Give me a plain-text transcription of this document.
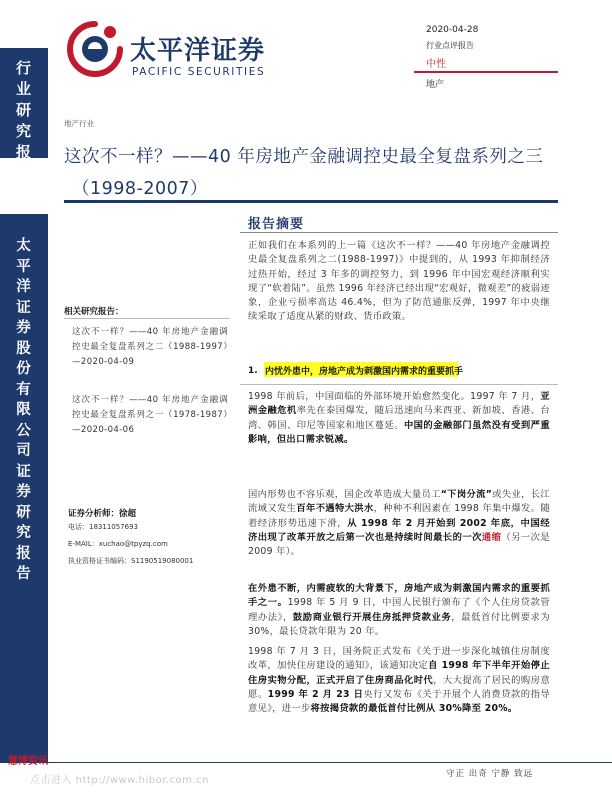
行业研究报告
太平洋证券股份有限公司证券研究报告
太平洋证券
PACIFIC SECURITIES
2020-04-28
行业点评报告
中性
地产
地产行业
这次不一样？——40 年房地产金融调控史最全复盘系列之三
（1998-2007）
报告摘要
正如我们在本系列的上一篇《这次不一样？——40 年房地产金融调控史最全复盘系列之二(1988-1997)》中提到的，从 1993 年抑制经济过热开始，经过 3 年多的调控努力，到 1996 年中国宏观经济顺利实现了“软着陆”。虽然 1996 年经济已经出现“宏观好，微观差”的疲弱迹象，企业亏损率高达 46.4%，但为了防范通胀反弹，1997 年中央继续采取了适度从紧的财政、货币政策。
1. 内忧外患中，房地产成为刺激国内需求的重要抓手
1998 年前后，中国面临的外部环境开始愈然变化。1997 年 7 月，亚洲金融危机率先在泰国爆发，随后迅速向马来西亚、新加坡、香港、台湾、韩国、印尼等国家和地区蔓延。中国的金融部门虽然没有受到严重影响，但出口需求锐减。
国内形势也不容乐观，国企改革造成大量员工“下岗分流”或失业，长江流域又发生百年不遇特大洪水，种种不利因素在 1998 年集中爆发。随着经济形势迅速下滑，从 1998 年 2 月开始到 2002 年底，中国经济出现了改革开放之后第一次也是持续时间最长的一次通缩（另一次是 2009 年）。
在外患不断，内需疲软的大背景下，房地产成为刺激国内需求的重要抓手之一。1998 年 5 月 9 日，中国人民银行颁布了《个人住房贷款管理办法》，鼓励商业银行开展住房抵押贷款业务，最低首付比例要求为 30%，最长贷款年限为 20 年。
1998 年 7 月 3 日，国务院正式发布《关于进一步深化城镇住房制度改革，加快住房建设的通知》，该通知决定自 1998 年下半年开始停止住房实物分配，正式开启了住房商品化时代，大大提高了居民的购房意愿。1999 年 2 月 23 日央行又发布《关于开展个人消费贷款的指导意见》，进一步将按揭贷款的最低首付比例从 30%降至 20%。
相关研究报告：
这次不一样？——40 年房地产金融调控史最全复盘系列之二（1988-1997）—2020-04-09
这次不一样？——40 年房地产金融调控史最全复盘系列之一（1978-1987）—2020-04-06
证券分析师：徐超
电话：18311057693
E-MAIL：xuchao@tpyzq.com
执业资格证书编码：S1190519080001
守正 出奇 宁静 致远
慧博资讯
点击进入 http://www.hibor.com.cn
